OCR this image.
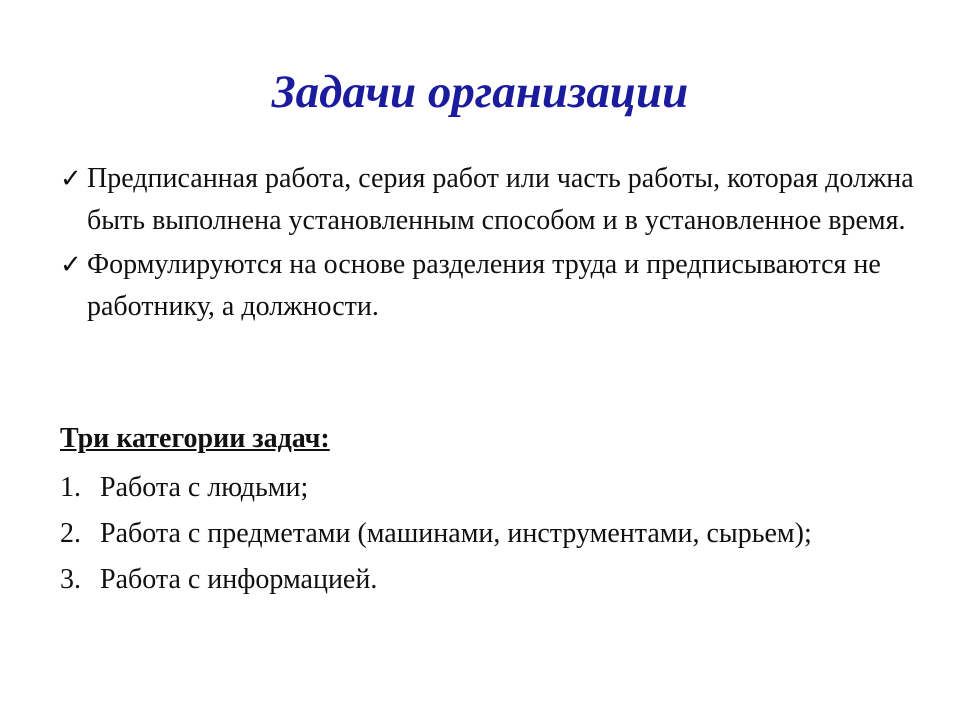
Задачи организации
✓ Предписанная работа, серия работ или часть работы, которая должна быть выполнена установленным способом и в установленное время.
✓ Формулируются на основе разделения труда и предписываются не работнику, а должности.
Три категории задач:
1. Работа с людьми;
2. Работа с предметами (машинами, инструментами, сырьем);
3. Работа с информацией.
